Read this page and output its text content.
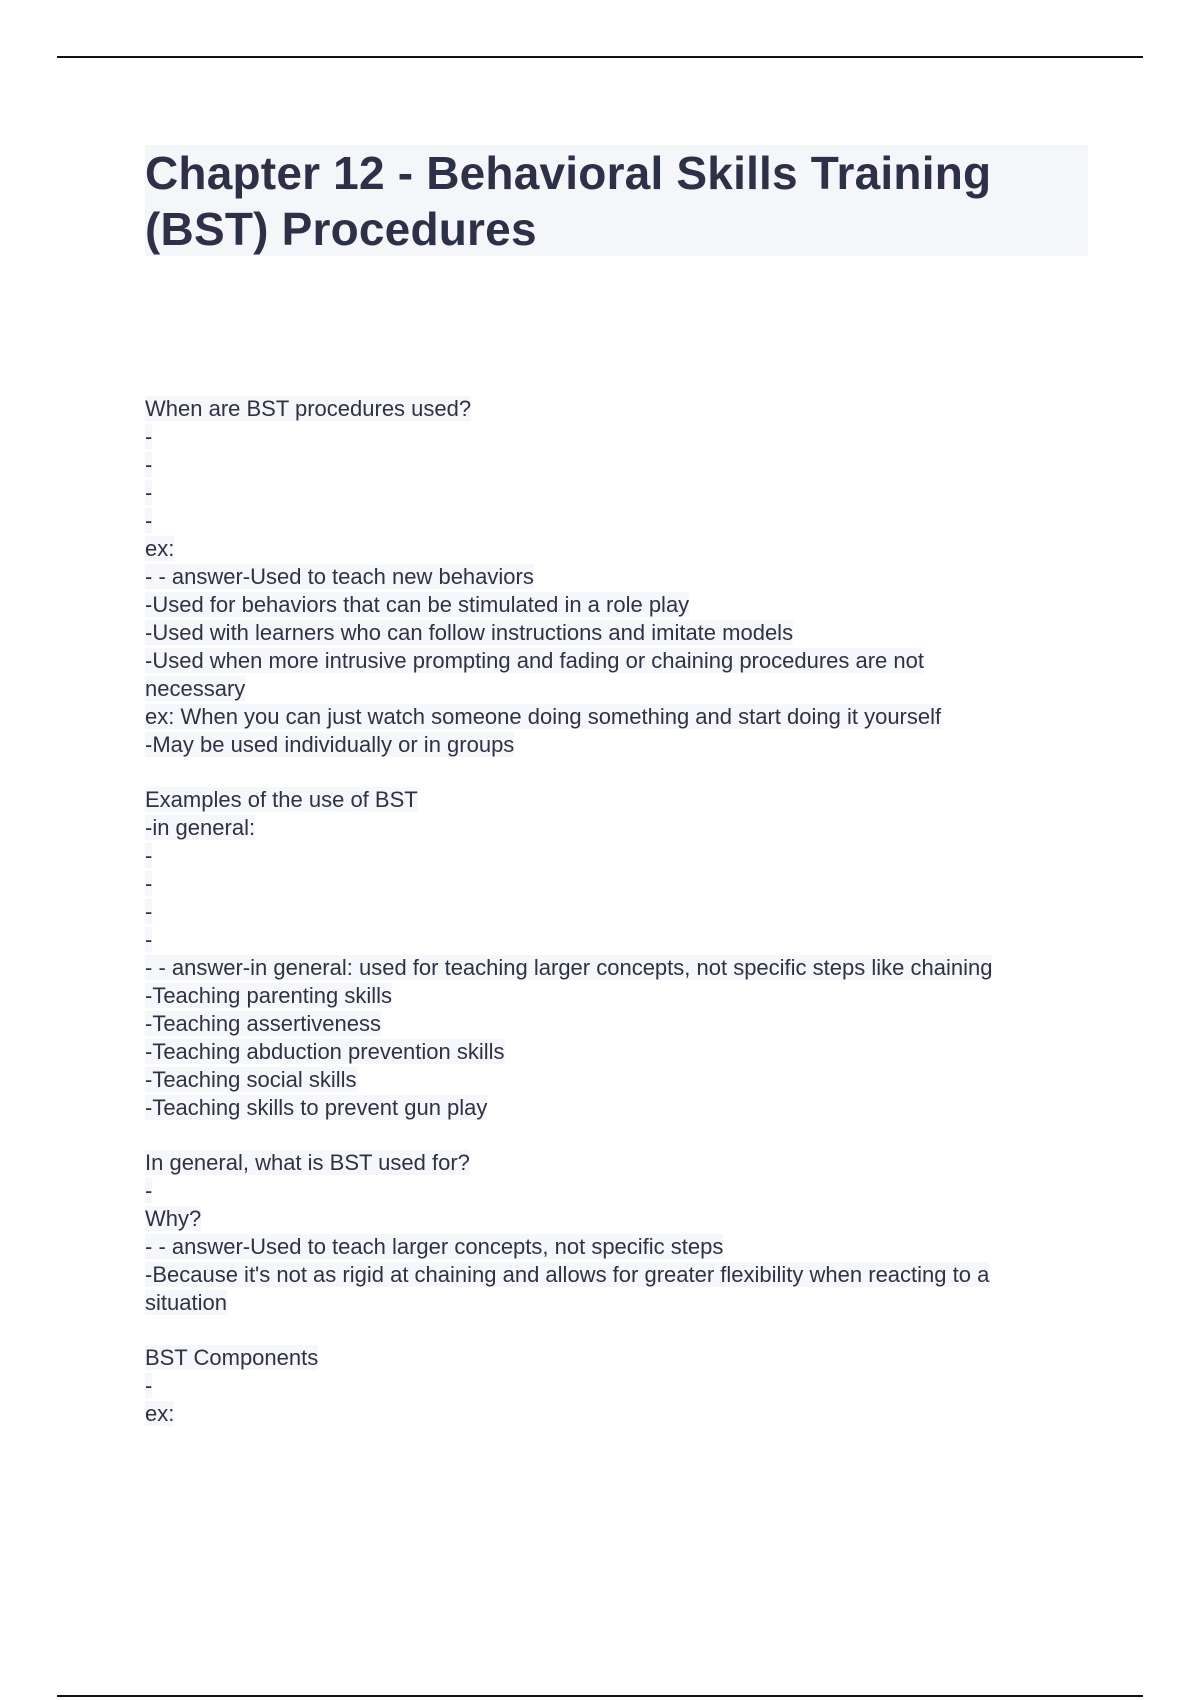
Chapter 12 - Behavioral Skills Training
(BST) Procedures
When are BST procedures used?
-
-
-
-
ex:
- - answer-Used to teach new behaviors
-Used for behaviors that can be stimulated in a role play
-Used with learners who can follow instructions and imitate models
-Used when more intrusive prompting and fading or chaining procedures are not
necessary
ex: When you can just watch someone doing something and start doing it yourself
-May be used individually or in groups
Examples of the use of BST
-in general:
-
-
-
-
- - answer-in general: used for teaching larger concepts, not specific steps like chaining
-Teaching parenting skills
-Teaching assertiveness
-Teaching abduction prevention skills
-Teaching social skills
-Teaching skills to prevent gun play
In general, what is BST used for?
-
Why?
- - answer-Used to teach larger concepts, not specific steps
-Because it's not as rigid at chaining and allows for greater flexibility when reacting to a
situation
BST Components
-
ex:
